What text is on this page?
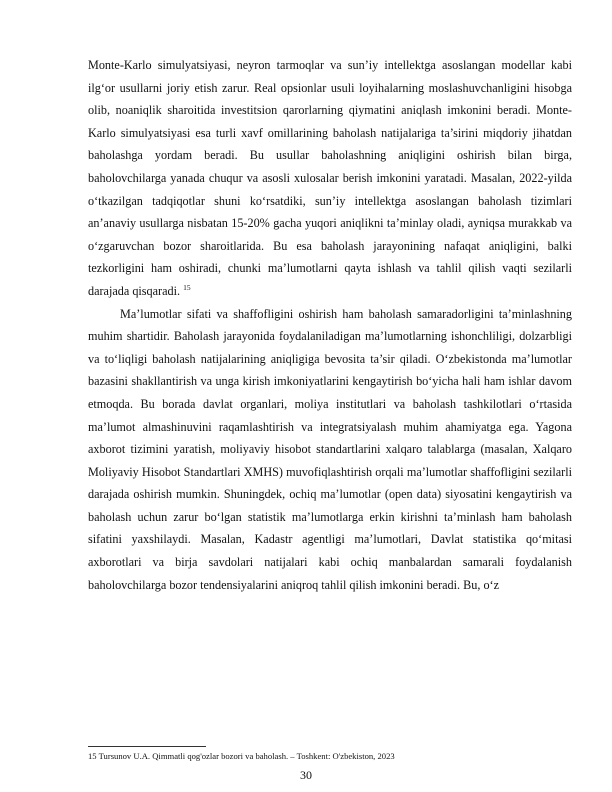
Monte-Karlo simulyatsiyasi, neyron tarmoqlar va sun’iy intellektga asoslangan modellar kabi ilg‘or usullarni joriy etish zarur. Real opsionlar usuli loyihalarning moslashuvchanligini hisobga olib, noaniqlik sharoitida investitsion qarorlarning qiymatini aniqlash imkonini beradi. Monte-Karlo simulyatsiyasi esa turli xavf omillarining baholash natijalariga ta’sirini miqdoriy jihatdan baholashga yordam beradi. Bu usullar baholashning aniqligini oshirish bilan birga, baholovchilarga yanada chuqur va asosli xulosalar berish imkonini yaratadi. Masalan, 2022-yilda o‘tkazilgan tadqiqotlar shuni ko‘rsatdiki, sun’iy intellektga asoslangan baholash tizimlari an’anaviy usullarga nisbatan 15-20% gacha yuqori aniqlikni ta’minlay oladi, ayniqsa murakkab va o‘zgaruvchan bozor sharoitlarida. Bu esa baholash jarayonining nafaqat aniqligini, balki tezkorligini ham oshiradi, chunki ma’lumotlarni qayta ishlash va tahlil qilish vaqti sezilarli darajada qisqaradi. $^{15}$

Ma’lumotlar sifati va shaffofligini oshirish ham baholash samaradorligini ta’minlashning muhim shartidir. Baholash jarayonida foydalaniladigan ma’lumotlarning ishonchliligi, dolzarbligi va to‘liqligi baholash natijalarining aniqligiga bevosita ta’sir qiladi. O‘zbekistonda ma’lumotlar bazasini shakllantirish va unga kirish imkoniyatlarini kengaytirish bo‘yicha hali ham ishlar davom etmoqda. Bu borada davlat organlari, moliya institutlari va baholash tashkilotlari o‘rtasida ma’lumot almashinuvini raqamlashtirish va integratsiyalash muhim ahamiyatga ega. Yagona axborot tizimini yaratish, moliyaviy hisobot standartlarini xalqaro talablarga (masalan, Xalqaro Moliyaviy Hisobot Standartlari XMHS) muvofiqlashtirish orqali ma’lumotlar shaffofligini sezilarli darajada oshirish mumkin. Shuningdek, ochiq ma’lumotlar (open data) siyosatini kengaytirish va baholash uchun zarur bo‘lgan statistik ma’lumotlarga erkin kirishni ta’minlash ham baholash sifatini yaxshilaydi. Masalan, Kadastr agentligi ma’lumotlari, Davlat statistika qo‘mitasi axborotlari va birja savdolari natijalari kabi ochiq manbalardan samarali foydalanish baholovchilarga bozor tendensiyalarini aniqroq tahlil qilish imkonini beradi. Bu, o‘z

15 Tursunov U.A. Qimmatli qog'ozlar bozori va baholash. – Toshkent: O'zbekiston, 2023
30
